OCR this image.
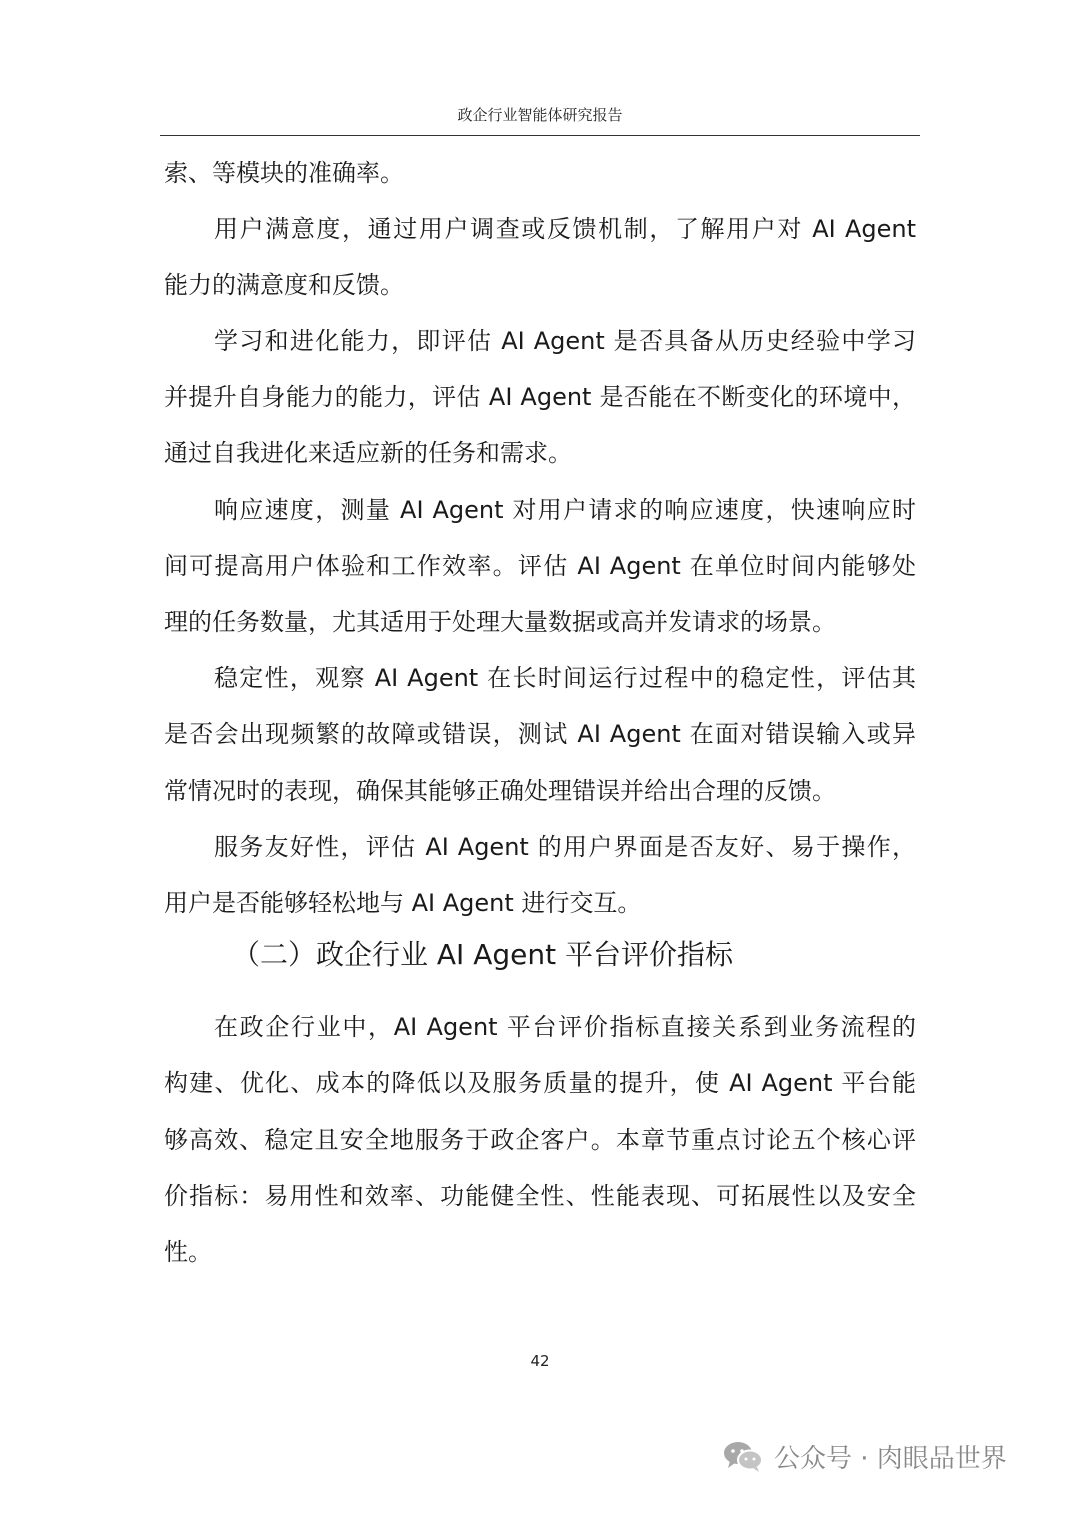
政企行业智能体研究报告
索、等模块的准确率。
用户满意度，通过用户调查或反馈机制，了解用户对 AI Agent
能力的满意度和反馈。
学习和进化能力，即评估 AI Agent 是否具备从历史经验中学习
并提升自身能力的能力，评估 AI Agent 是否能在不断变化的环境中，
通过自我进化来适应新的任务和需求。
响应速度，测量 AI Agent 对用户请求的响应速度，快速响应时
间可提高用户体验和工作效率。评估 AI Agent 在单位时间内能够处
理的任务数量，尤其适用于处理大量数据或高并发请求的场景。
稳定性，观察 AI Agent 在长时间运行过程中的稳定性，评估其
是否会出现频繁的故障或错误，测试 AI Agent 在面对错误输入或异
常情况时的表现，确保其能够正确处理错误并给出合理的反馈。
服务友好性，评估 AI Agent 的用户界面是否友好、易于操作，
用户是否能够轻松地与 AI Agent 进行交互。
（二）政企行业 AI Agent 平台评价指标
在政企行业中，AI Agent 平台评价指标直接关系到业务流程的
构建、优化、成本的降低以及服务质量的提升，使 AI Agent 平台能
够高效、稳定且安全地服务于政企客户。本章节重点讨论五个核心评
价指标：易用性和效率、功能健全性、性能表现、可拓展性以及安全
性。
42
公众号 · 肉眼品世界
